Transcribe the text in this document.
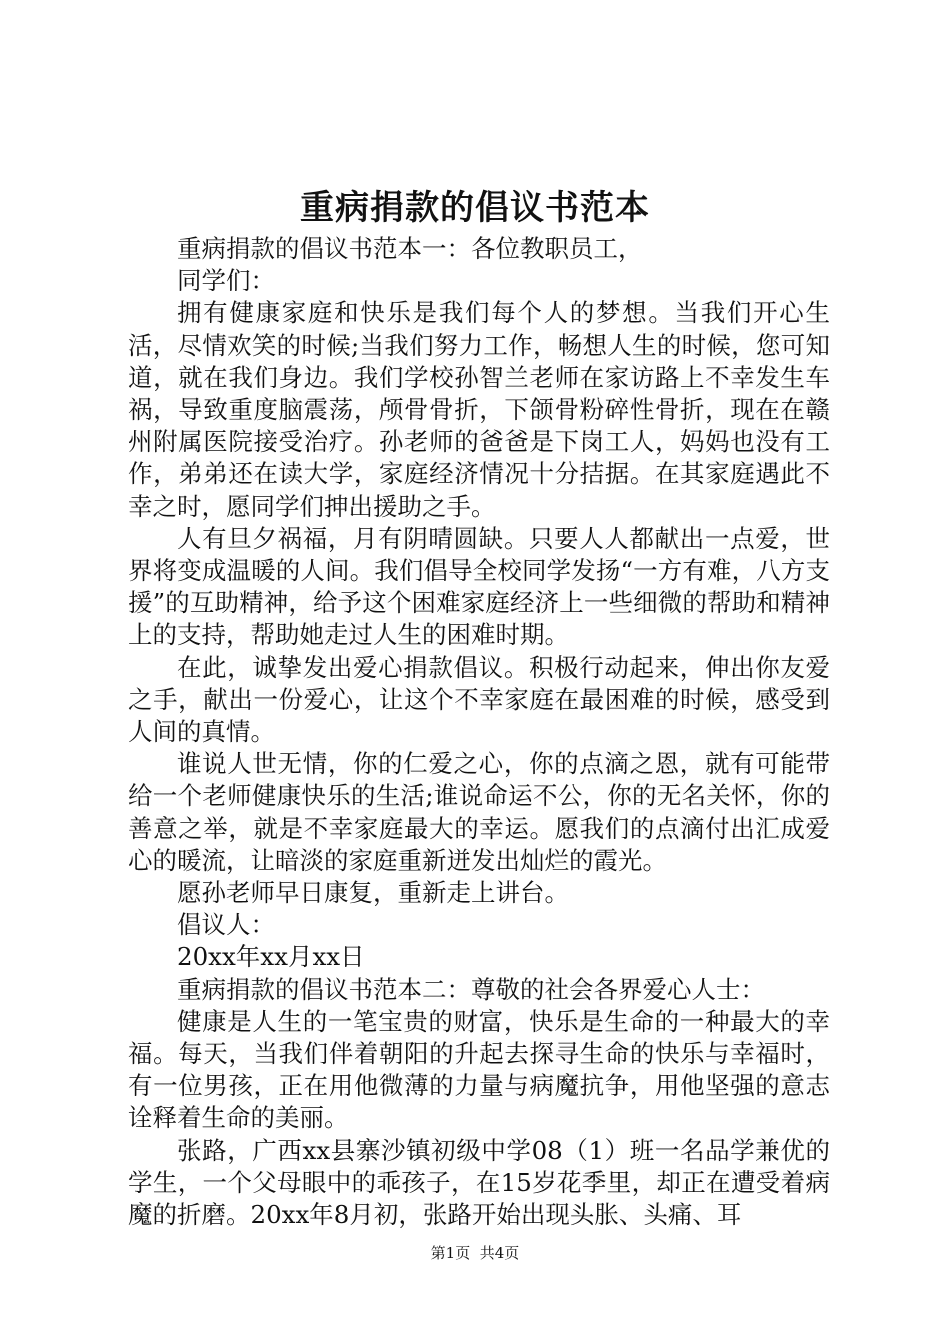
重病捐款的倡议书范本

重病捐款的倡议书范本一：各位教职员工，

同学们：

拥有健康家庭和快乐是我们每个人的梦想。当我们开心生活，尽情欢笑的时候;当我们努力工作，畅想人生的时候，您可知道，就在我们身边。我们学校孙智兰老师在家访路上不幸发生车祸，导致重度脑震荡，颅骨骨折，下颌骨粉碎性骨折，现在在赣州附属医院接受治疗。孙老师的爸爸是下岗工人，妈妈也没有工作，弟弟还在读大学，家庭经济情况十分拮据。在其家庭遇此不幸之时，愿同学们抻出援助之手。

人有旦夕祸福，月有阴晴圆缺。只要人人都献出一点爱，世界将变成温暖的人间。我们倡导全校同学发扬“一方有难，八方支援”的互助精神，给予这个困难家庭经济上一些细微的帮助和精神上的支持，帮助她走过人生的困难时期。

在此，诚挚发出爱心捐款倡议。积极行动起来，伸出你友爱之手，献出一份爱心，让这个不幸家庭在最困难的时候，感受到人间的真情。

谁说人世无情，你的仁爱之心，你的点滴之恩，就有可能带给一个老师健康快乐的生活;谁说命运不公，你的无名关怀，你的善意之举，就是不幸家庭最大的幸运。愿我们的点滴付出汇成爱心的暖流，让暗淡的家庭重新迸发出灿烂的霞光。

愿孙老师早日康复，重新走上讲台。

倡议人：

20xx年xx月xx日

重病捐款的倡议书范本二：尊敬的社会各界爱心人士：

健康是人生的一笔宝贵的财富，快乐是生命的一种最大的幸福。每天，当我们伴着朝阳的升起去探寻生命的快乐与幸福时，有一位男孩，正在用他微薄的力量与病魔抗争，用他坚强的意志诠释着生命的美丽。

张路，广西xx县寨沙镇初级中学08（1）班一名品学兼优的学生，一个父母眼中的乖孩子，在15岁花季里，却正在遭受着病魔的折磨。20xx年8月初，张路开始出现头胀、头痛、耳

第1页 共4页
